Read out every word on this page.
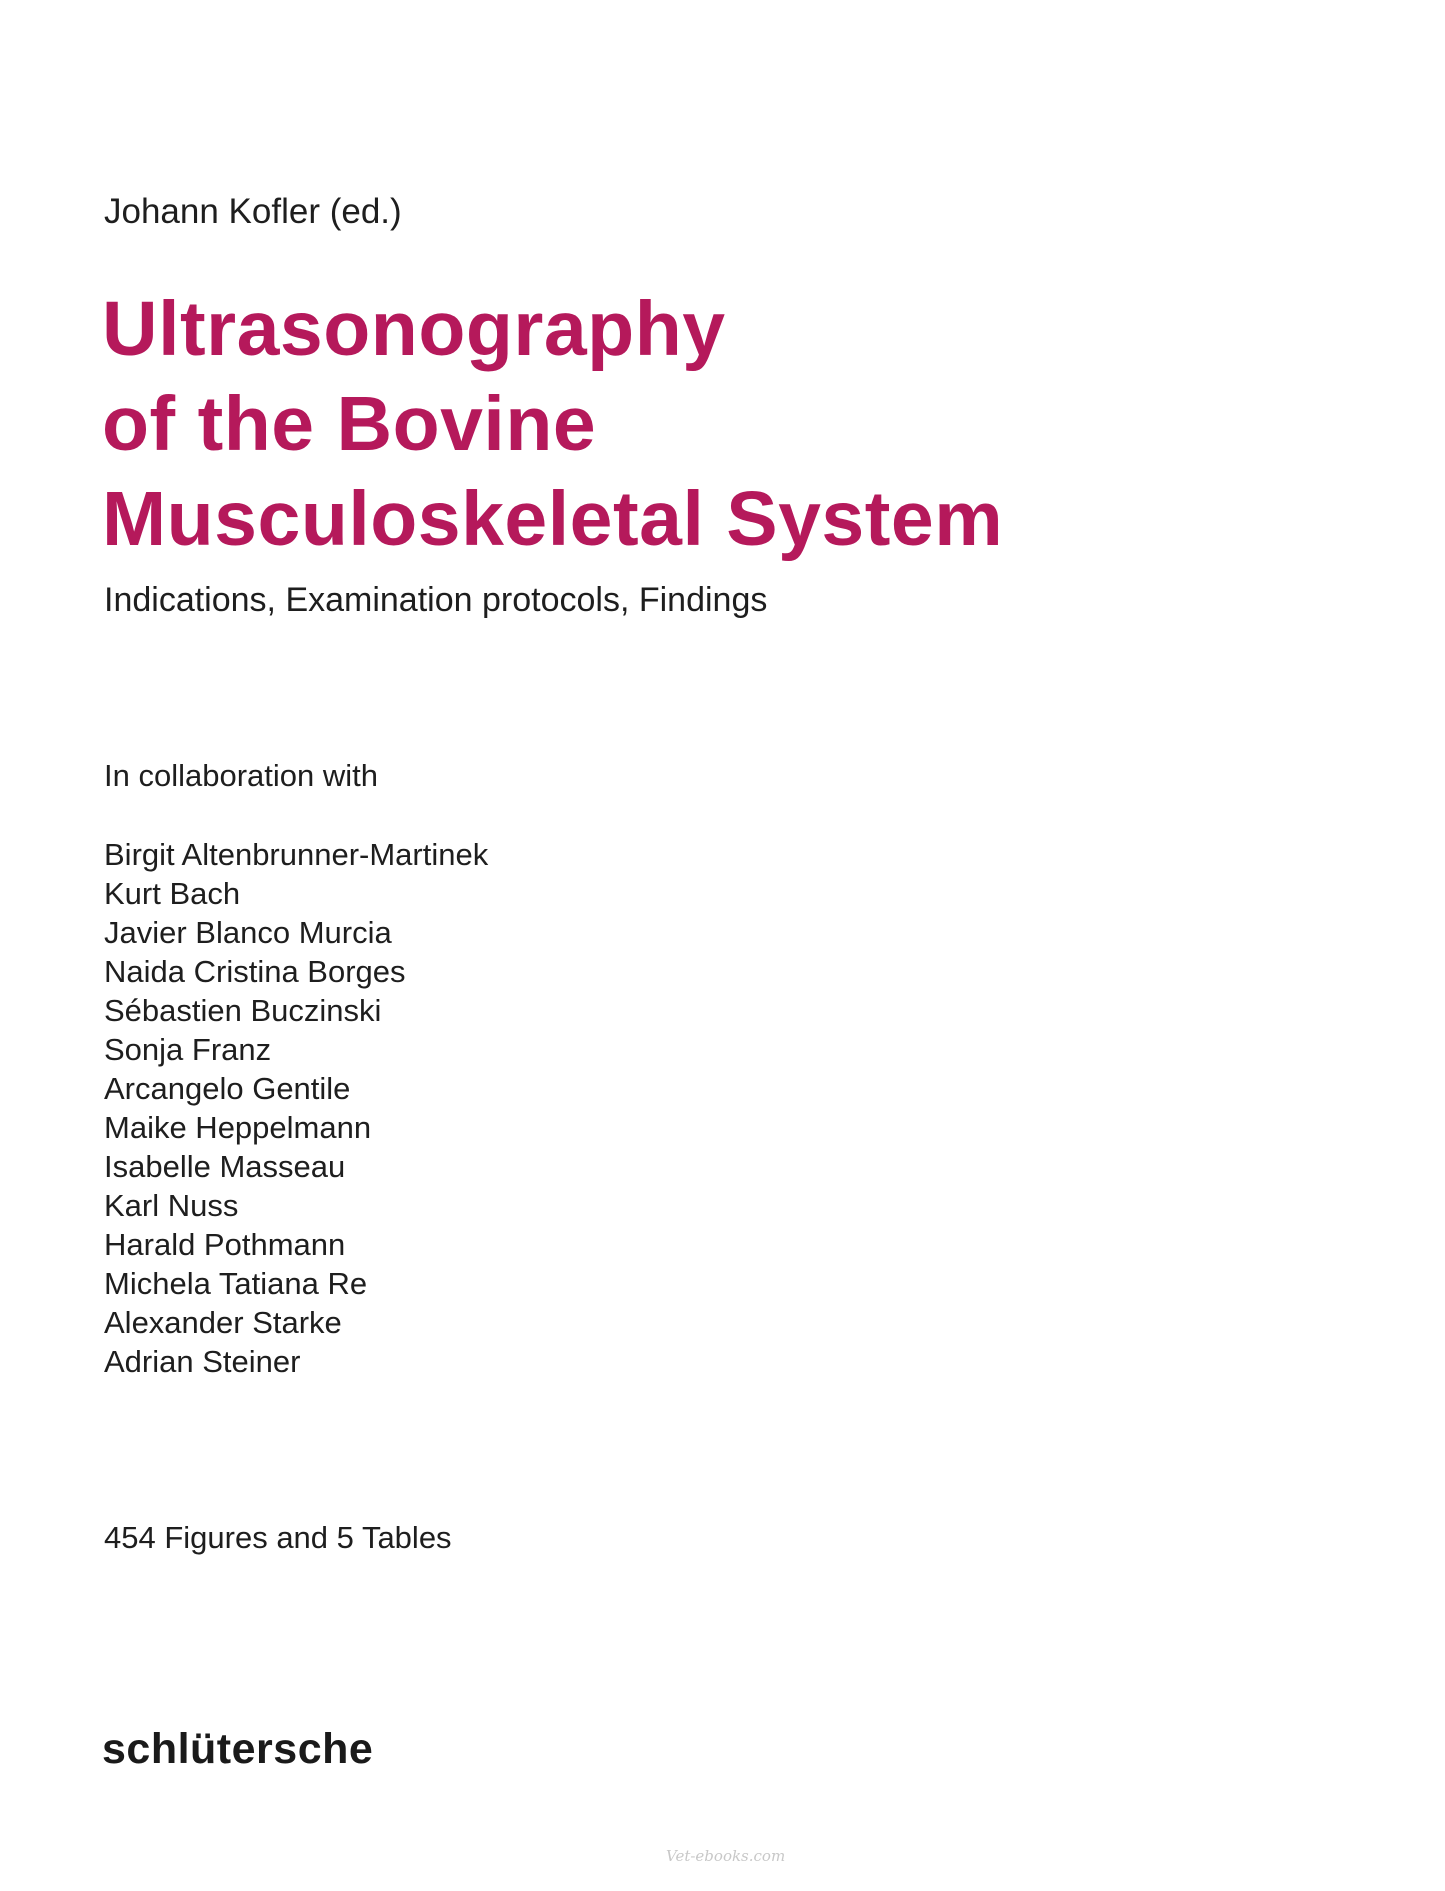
Johann Kofler (ed.)

Ultrasonography
of the Bovine
Musculoskeletal System

Indications, Examination protocols, Findings

In collaboration with

Birgit Altenbrunner-Martinek
Kurt Bach
Javier Blanco Murcia
Naida Cristina Borges
Sébastien Buczinski
Sonja Franz
Arcangelo Gentile
Maike Heppelmann
Isabelle Masseau
Karl Nuss
Harald Pothmann
Michela Tatiana Re
Alexander Starke
Adrian Steiner

454 Figures and 5 Tables

schlütersche

Vet-ebooks.com
